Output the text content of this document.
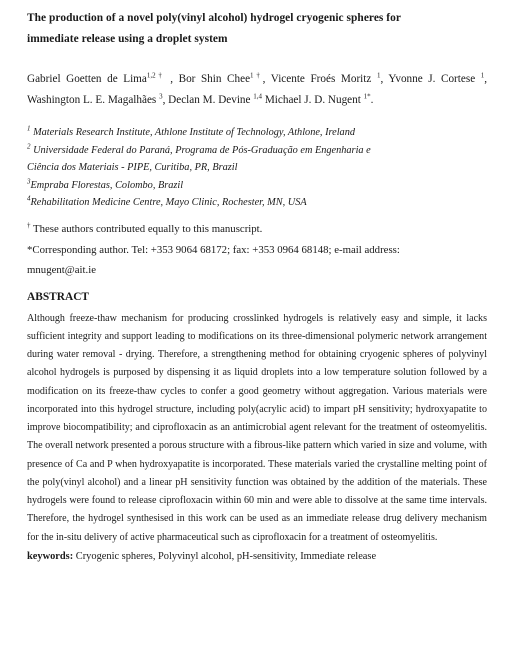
The production of a novel poly(vinyl alcohol) hydrogel cryogenic spheres for
immediate release using a droplet system
Gabriel Goetten de Lima$^{1,2\dagger}$ , Bor Shin Chee$^{1\dagger}$, Vicente Froés Moritz $^1$, Yvonne J. Cortese $^1$, Washington L. E. Magalhães $^3$, Declan M. Devine $^{1,4}$ Michael J. D. Nugent $^{1*}$.
$^1$ Materials Research Institute, Athlone Institute of Technology, Athlone, Ireland
$^2$ Universidade Federal do Paraná, Programa de Pós-Graduação em Engenharia e
Ciência dos Materiais - PIPE, Curitiba, PR, Brazil
$^3$Empraba Florestas, Colombo, Brazil
$^4$Rehabilitation Medicine Centre, Mayo Clinic, Rochester, MN, USA
† These authors contributed equally to this manuscript.
*Corresponding author. Tel: +353 9064 68172; fax: +353 0964 68148; e-mail address:
mnugent@ait.ie
ABSTRACT
Although freeze-thaw mechanism for producing crosslinked hydrogels is relatively easy and simple, it lacks sufficient integrity and support leading to modifications on its three-dimensional polymeric network arrangement during water removal - drying. Therefore, a strengthening method for obtaining cryogenic spheres of polyvinyl alcohol hydrogels is purposed by dispensing it as liquid droplets into a low temperature solution followed by a modification on its freeze-thaw cycles to confer a good geometry without aggregation. Various materials were incorporated into this hydrogel structure, including poly(acrylic acid) to impart pH sensitivity; hydroxyapatite to improve biocompatibility; and ciprofloxacin as an antimicrobial agent relevant for the treatment of osteomyelitis. The overall network presented a porous structure with a fibrous-like pattern which varied in size and volume, with presence of Ca and P when hydroxyapatite is incorporated. These materials varied the crystalline melting point of the poly(vinyl alcohol) and a linear pH sensitivity function was obtained by the addition of the materials. These hydrogels were found to release ciprofloxacin within 60 min and were able to dissolve at the same time intervals. Therefore, the hydrogel synthesised in this work can be used as an immediate release drug delivery mechanism for the in-situ delivery of active pharmaceutical such as ciprofloxacin for a treatment of osteomyelitis.
keywords: Cryogenic spheres, Polyvinyl alcohol, pH-sensitivity, Immediate release
